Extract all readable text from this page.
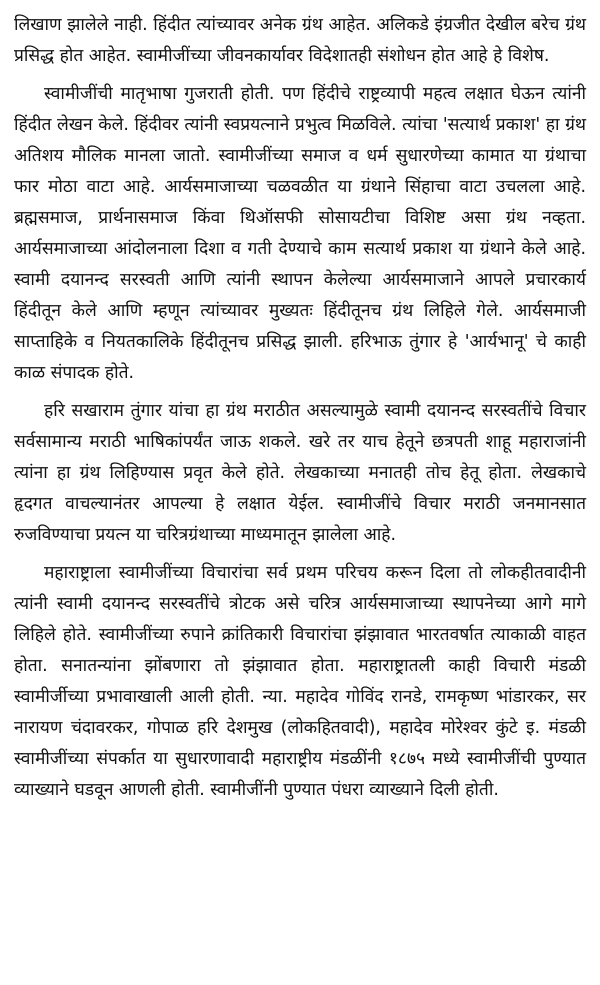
लिखाण झालेले नाही. हिंदीत त्यांच्यावर अनेक ग्रंथ आहेत. अलिकडे इंग्रजीत देखील बरेच ग्रंथ प्रसिद्ध होत आहेत. स्वामीजींच्या जीवनकार्यावर विदेशातही संशोधन होत आहे हे विशेष.

स्वामीजींची मातृभाषा गुजराती होती. पण हिंदीचे राष्ट्रव्यापी महत्व लक्षात घेऊन त्यांनी हिंदीत लेखन केले. हिंदीवर त्यांनी स्वप्रयत्नाने प्रभुत्व मिळविले. त्यांचा 'सत्यार्थ प्रकाश' हा ग्रंथ अतिशय मौलिक मानला जातो. स्वामीजींच्या समाज व धर्म सुधारणेच्या कामात या ग्रंथाचा फार मोठा वाटा आहे. आर्यसमाजाच्या चळवळीत या ग्रंथाने सिंहाचा वाटा उचलला आहे. ब्रह्मसमाज, प्रार्थनासमाज किंवा थिऑसफी सोसायटीचा विशिष्ट असा ग्रंथ नव्हता. आर्यसमाजाच्या आंदोलनाला दिशा व गती देण्याचे काम सत्यार्थ प्रकाश या ग्रंथाने केले आहे. स्वामी दयानन्द सरस्वती आणि त्यांनी स्थापन केलेल्या आर्यसमाजाने आपले प्रचारकार्य हिंदीतून केले आणि म्हणून त्यांच्यावर मुख्यतः हिंदीतूनच ग्रंथ लिहिले गेले. आर्यसमाजी साप्ताहिके व नियतकालिके हिंदीतूनच प्रसिद्ध झाली. हरिभाऊ तुंगार हे 'आर्यभानू' चे काही काळ संपादक होते.

हरि सखाराम तुंगार यांचा हा ग्रंथ मराठीत असल्यामुळे स्वामी दयानन्द सरस्वतींचे विचार सर्वसामान्य मराठी भाषिकांपर्यंत जाऊ शकले. खरे तर याच हेतूने छत्रपती शाहू महाराजांनी त्यांना हा ग्रंथ लिहिण्यास प्रवृत केले होते. लेखकाच्या मनातही तोच हेतू होता. लेखकाचे हृदगत वाचल्यानंतर आपल्या हे लक्षात येईल. स्वामीजींचे विचार मराठी जनमानसात रुजविण्याचा प्रयत्न या चरित्रग्रंथाच्या माध्यमातून झालेला आहे.

महाराष्ट्राला स्वामीजींच्या विचारांचा सर्व प्रथम परिचय करून दिला तो लोकहीतवादीनी त्यांनी स्वामी दयानन्द सरस्वतींचे त्रोटक असे चरित्र आर्यसमाजाच्या स्थापनेच्या आगे मागे लिहिले होते. स्वामीजींच्या रुपाने क्रांतिकारी विचारांचा झंझावात भारतवर्षात त्याकाळी वाहत होता. सनातन्यांना झोंबणारा तो झंझावात होता. महाराष्ट्रातली काही विचारी मंडळी स्वामीर्जीच्या प्रभावाखाली आली होती. न्या. महादेव गोविंद रानडे, रामकृष्ण भांडारकर, सर नारायण चंदावरकर, गोपाळ हरि देशमुख (लोकहितवादी), महादेव मोरेश्वर कुंटे इ. मंडळी स्वामीजींच्या संपर्कात या सुधारणावादी महाराष्ट्रीय मंडळींनी १८७५ मध्ये स्वामीजींची पुण्यात व्याख्याने घडवून आणली होती. स्वामीजींनी पुण्यात पंधरा व्याख्याने दिली होती.
